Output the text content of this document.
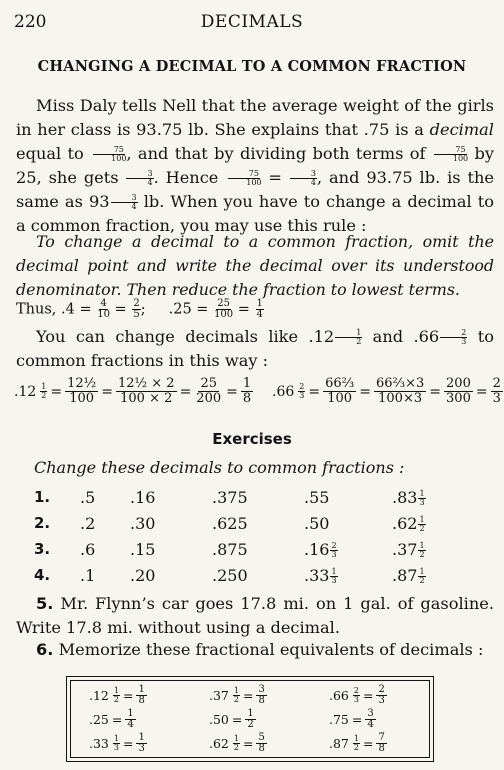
220	DECIMALS
CHANGING A DECIMAL TO A COMMON FRACTION
Miss Daly tells Nell that the average weight of the girls in her class is 93.75 lb. She explains that .75 is a decimal equal to $\frac{75}{100}$ , and that by dividing both terms of $\frac{75}{100}$ by 25, she gets $\frac{3}{4}$ . Hence $\frac{75}{100} = \frac{3}{4}$ , and 93.75 lb. is the same as $93 \frac{3}{4}$ lb. When you have to change a decimal to a common fraction, you may use this rule :
To change a decimal to a common fraction, omit the decimal point and write the decimal over its understood denominator. Then reduce the fraction to lowest terms.
Thus, $.4 = \frac{4}{10} = \frac{2}{5}$ ;     $.25 = \frac{25}{100} = \frac{1}{4}$
You can change decimals like $.12 \frac{1}{2}$ and $.66 \frac{2}{3}$ to common fractions in this way :
$.12 \frac{1}{2} = \frac{\text{12½}}{100} = \frac{\text{12½ × 2}}{100 \times 2} = \frac{25}{200} = \frac{1}{8} .66 \frac{2}{3} = \frac{\text{66⅔}}{100} = \frac{\text{66⅔×3}}{100\times 3} = \frac{200}{300} = \frac{2}{3}$
Exercises
Change these decimals to common fractions :
1. .5 .16	.375	.55	$.83 \frac{1}{3}$
2. .2 .30	.625	.50	$.62 \frac{1}{2}$
3. .6 .15	.875	$.16 \frac{2}{3}$	$.37 \frac{1}{2}$
4. .1 .20	.250	$.33 \frac{1}{3}$	$.87 \frac{1}{2}$
5. Mr. Flynn’s car goes 17.8 mi. on 1 gal. of gasoline. Write 17.8 mi. without using a decimal.
6. Memorize these fractional equivalents of decimals :
$.12 \frac{1}{2} = \frac{1}{8}$	$.37 \frac{1}{2} = \frac{3}{8}$	$.66 \frac{2}{3} = \frac{2}{3}$
$.25 = \frac{1}{4}$	$.50 = \frac{1}{2}$	$.75 = \frac{3}{4}$
$.33 \frac{1}{3} = \frac{1}{3}$	$.62 \frac{1}{2} = \frac{5}{8}$	$.87 \frac{1}{2} = \frac{7}{8}$
